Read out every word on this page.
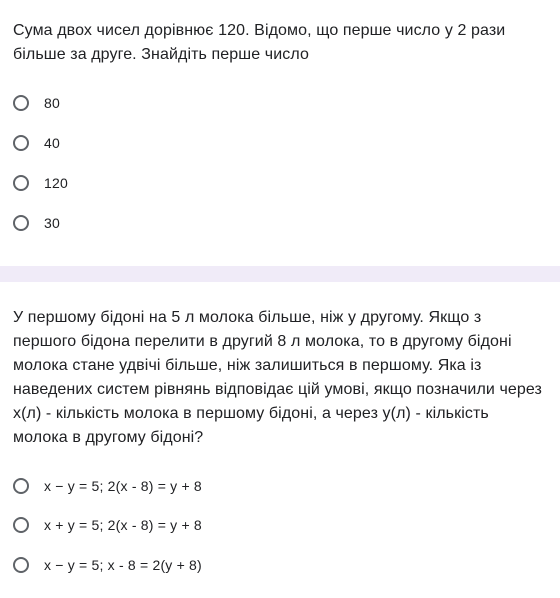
Сума двох чисел дорівнює 120. Відомо, що перше число у 2 рази більше за друге. Знайдіть перше число
80
40
120
30
У першому бідоні на 5 л молока більше, ніж у другому. Якщо з першого бідона перелити в другий 8 л молока, то в другому бідоні молока стане удвічі більше, ніж залишиться в першому. Яка із наведених систем рівнянь відповідає цій умові, якщо позначили через х(л) - кількість молока в першому бідоні, а через у(л) - кількість молока в другому бідоні?
х − у = 5; 2(х - 8) = у + 8
х + у = 5; 2(х - 8) = у + 8
х − у = 5; х - 8 = 2(у + 8)
